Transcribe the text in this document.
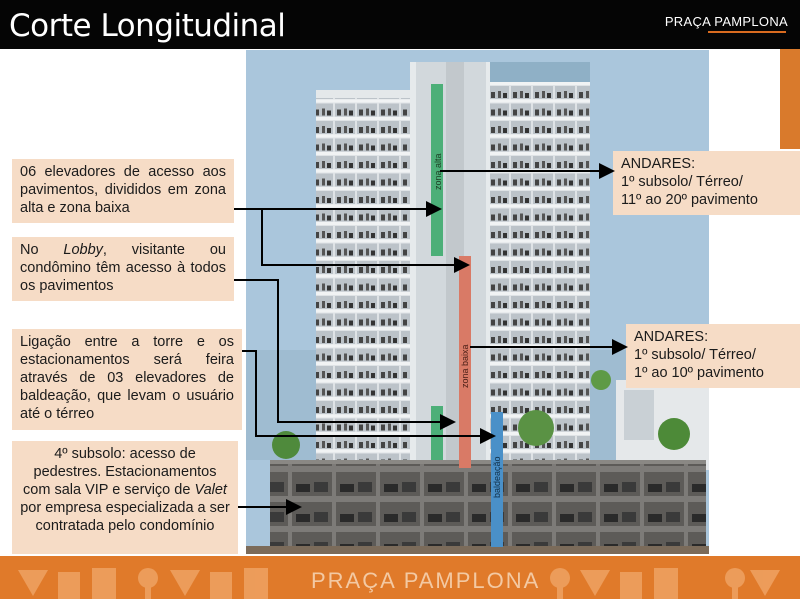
Corte Longitudinal	PRAÇA PAMPLONA
zona alta
zona baixa
baldeação
06 elevadores de acesso aos pavimentos, divididos em zona alta e zona baixa
No Lobby, visitante ou condômino têm acesso à todos os pavimentos
Ligação entre a torre e os estacionamentos será feira através de 03 elevadores de baldeação, que levam o usuário até o térreo
4º subsolo: acesso de pedestres. Estacionamentos com sala VIP e serviço de Valet por empresa especializada a ser contratada pelo condomínio
ANDARES:
1º subsolo/ Térreo/
11º ao 20º pavimento
ANDARES:
1º subsolo/ Térreo/
1º ao 10º pavimento
PRAÇA PAMPLONA
